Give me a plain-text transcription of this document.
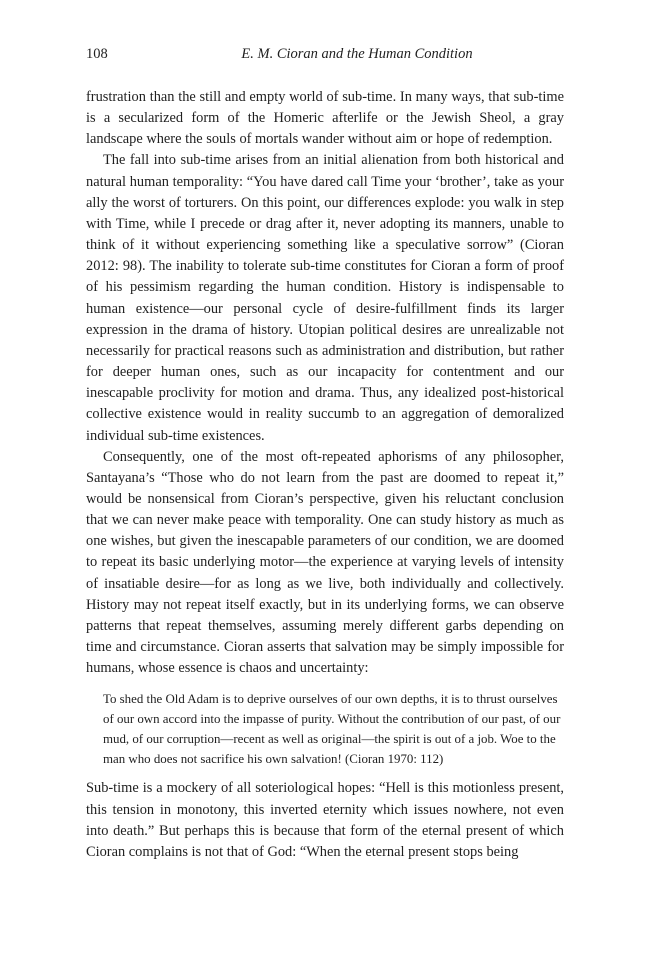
108	E. M. Cioran and the Human Condition

frustration than the still and empty world of sub-time. In many ways, that sub-time is a secularized form of the Homeric afterlife or the Jewish Sheol, a gray landscape where the souls of mortals wander without aim or hope of redemption.

The fall into sub-time arises from an initial alienation from both historical and natural human temporality: “You have dared call Time your ‘brother’, take as your ally the worst of torturers. On this point, our differences explode: you walk in step with Time, while I precede or drag after it, never adopting its manners, unable to think of it without experiencing something like a speculative sorrow” (Cioran 2012: 98). The inability to tolerate sub-time constitutes for Cioran a form of proof of his pessimism regarding the human condition. History is indispensable to human existence—our personal cycle of desire-fulfillment finds its larger expression in the drama of history. Utopian political desires are unrealizable not necessarily for practical reasons such as administration and distribution, but rather for deeper human ones, such as our incapacity for contentment and our inescapable proclivity for motion and drama. Thus, any idealized post-historical collective existence would in reality succumb to an aggregation of demoralized individual sub-time existences.

Consequently, one of the most oft-repeated aphorisms of any philosopher, Santayana’s “Those who do not learn from the past are doomed to repeat it,” would be nonsensical from Cioran’s perspective, given his reluctant conclusion that we can never make peace with temporality. One can study history as much as one wishes, but given the inescapable parameters of our condition, we are doomed to repeat its basic underlying motor—the experience at varying levels of intensity of insatiable desire—for as long as we live, both individually and collectively. History may not repeat itself exactly, but in its underlying forms, we can observe patterns that repeat themselves, assuming merely different garbs depending on time and circumstance. Cioran asserts that salvation may be simply impossible for humans, whose essence is chaos and uncertainty:

To shed the Old Adam is to deprive ourselves of our own depths, it is to thrust ourselves of our own accord into the impasse of purity. Without the contribution of our past, of our mud, of our corruption—recent as well as original—the spirit is out of a job. Woe to the man who does not sacrifice his own salvation! (Cioran 1970: 112)

Sub-time is a mockery of all soteriological hopes: “Hell is this motionless present, this tension in monotony, this inverted eternity which issues nowhere, not even into death.” But perhaps this is because that form of the eternal present of which Cioran complains is not that of God: “When the eternal present stops being
